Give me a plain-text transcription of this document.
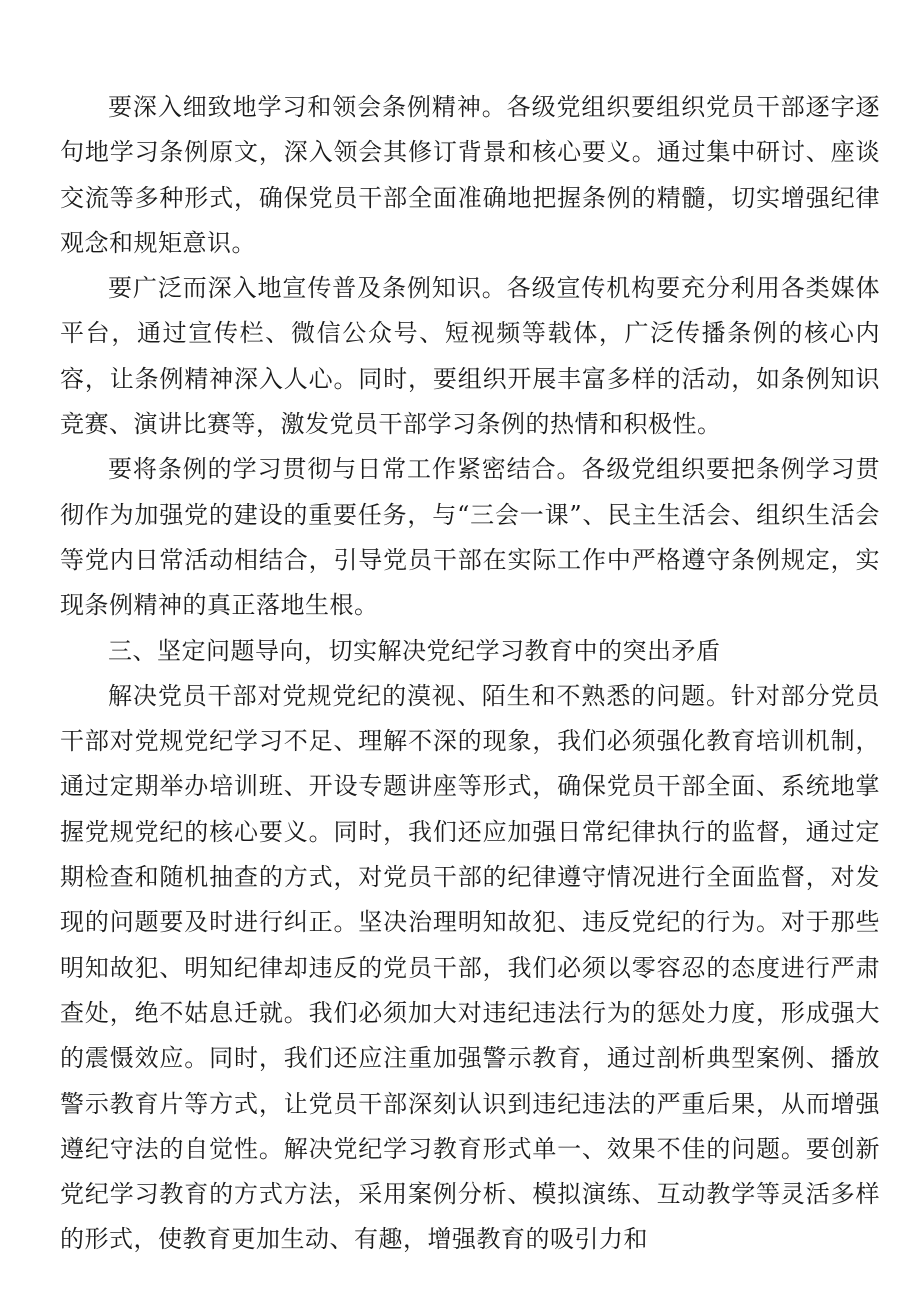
要深入细致地学习和领会条例精神。各级党组织要组织党员干部逐字逐句地学习条例原文，深入领会其修订背景和核心要义。通过集中研讨、座谈交流等多种形式，确保党员干部全面准确地把握条例的精髓，切实增强纪律观念和规矩意识。

要广泛而深入地宣传普及条例知识。各级宣传机构要充分利用各类媒体平台，通过宣传栏、微信公众号、短视频等载体，广泛传播条例的核心内容，让条例精神深入人心。同时，要组织开展丰富多样的活动，如条例知识竞赛、演讲比赛等，激发党员干部学习条例的热情和积极性。

要将条例的学习贯彻与日常工作紧密结合。各级党组织要把条例学习贯彻作为加强党的建设的重要任务，与“三会一课”、民主生活会、组织生活会等党内日常活动相结合，引导党员干部在实际工作中严格遵守条例规定，实现条例精神的真正落地生根。

三、坚定问题导向，切实解决党纪学习教育中的突出矛盾

解决党员干部对党规党纪的漠视、陌生和不熟悉的问题。针对部分党员干部对党规党纪学习不足、理解不深的现象，我们必须强化教育培训机制，通过定期举办培训班、开设专题讲座等形式，确保党员干部全面、系统地掌握党规党纪的核心要义。同时，我们还应加强日常纪律执行的监督，通过定期检查和随机抽查的方式，对党员干部的纪律遵守情况进行全面监督，对发现的问题要及时进行纠正。坚决治理明知故犯、违反党纪的行为。对于那些明知故犯、明知纪律却违反的党员干部，我们必须以零容忍的态度进行严肃查处，绝不姑息迁就。我们必须加大对违纪违法行为的惩处力度，形成强大的震慑效应。同时，我们还应注重加强警示教育，通过剖析典型案例、播放警示教育片等方式，让党员干部深刻认识到违纪违法的严重后果，从而增强遵纪守法的自觉性。解决党纪学习教育形式单一、效果不佳的问题。要创新党纪学习教育的方式方法，采用案例分析、模拟演练、互动教学等灵活多样的形式，使教育更加生动、有趣，增强教育的吸引力和
